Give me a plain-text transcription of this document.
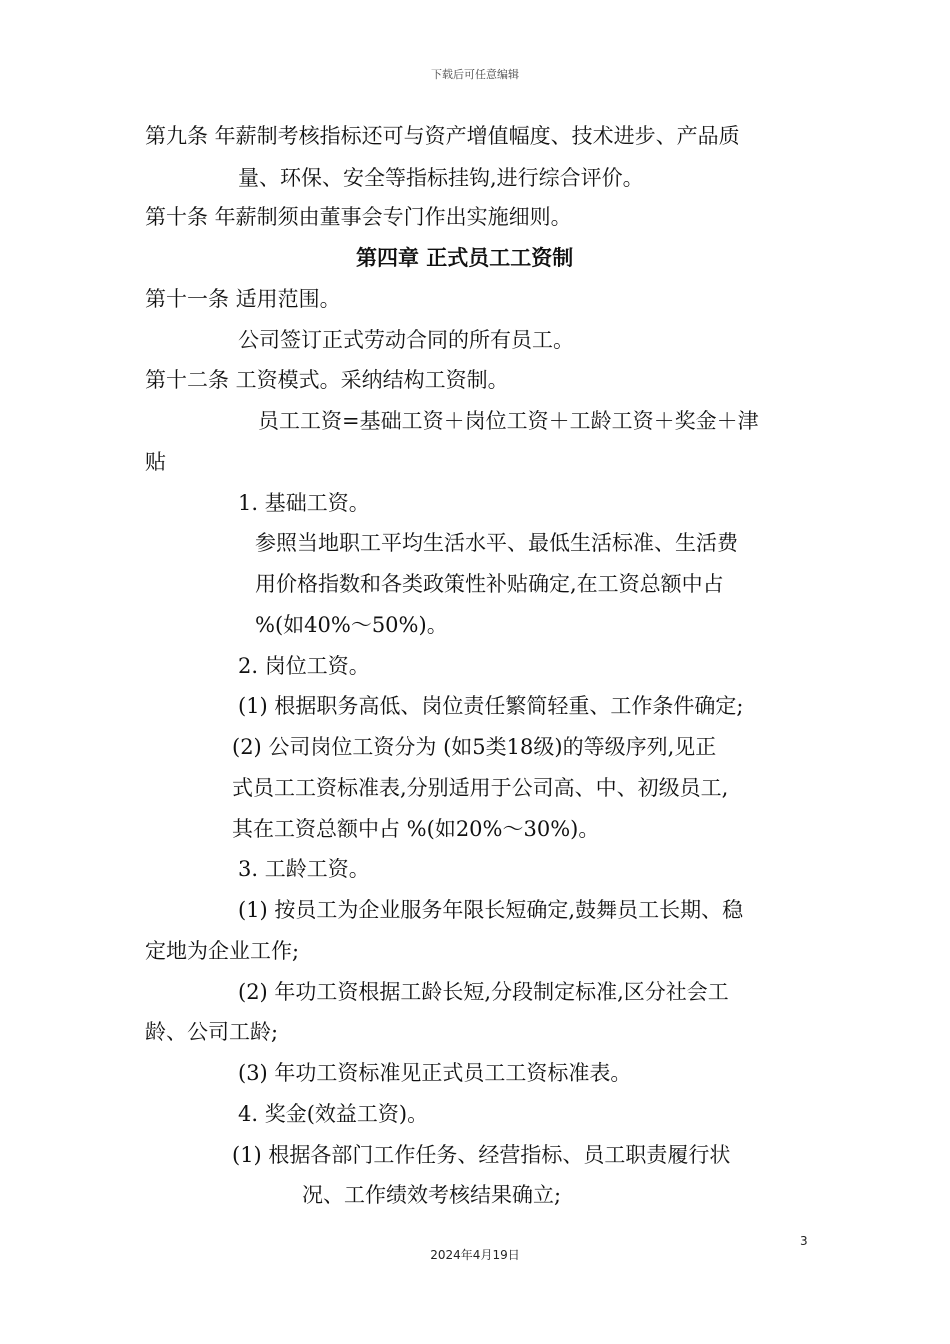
下载后可任意编辑
第九条 年薪制考核指标还可与资产增值幅度、技术进步、产品质
量、环保、安全等指标挂钩,进行综合评价。
第十条 年薪制须由董事会专门作出实施细则。
第四章 正式员工工资制
第十一条 适用范围。
公司签订正式劳动合同的所有员工。
第十二条 工资模式。采纳结构工资制。
员工工资=基础工资＋岗位工资＋工龄工资＋奖金＋津
贴
1. 基础工资。
参照当地职工平均生活水平、最低生活标准、生活费
用价格指数和各类政策性补贴确定,在工资总额中占
%(如40%～50%)。
2. 岗位工资。
(1) 根据职务高低、岗位责任繁简轻重、工作条件确定;
(2) 公司岗位工资分为 (如5类18级)的等级序列,见正
式员工工资标准表,分别适用于公司高、中、初级员工,
其在工资总额中占 %(如20%～30%)。
3. 工龄工资。
(1) 按员工为企业服务年限长短确定,鼓舞员工长期、稳
定地为企业工作;
(2) 年功工资根据工龄长短,分段制定标准,区分社会工
龄、公司工龄;
(3) 年功工资标准见正式员工工资标准表。
4. 奖金(效益工资)。
(1) 根据各部门工作任务、经营指标、员工职责履行状
况、工作绩效考核结果确立;
3
2024年4月19日
